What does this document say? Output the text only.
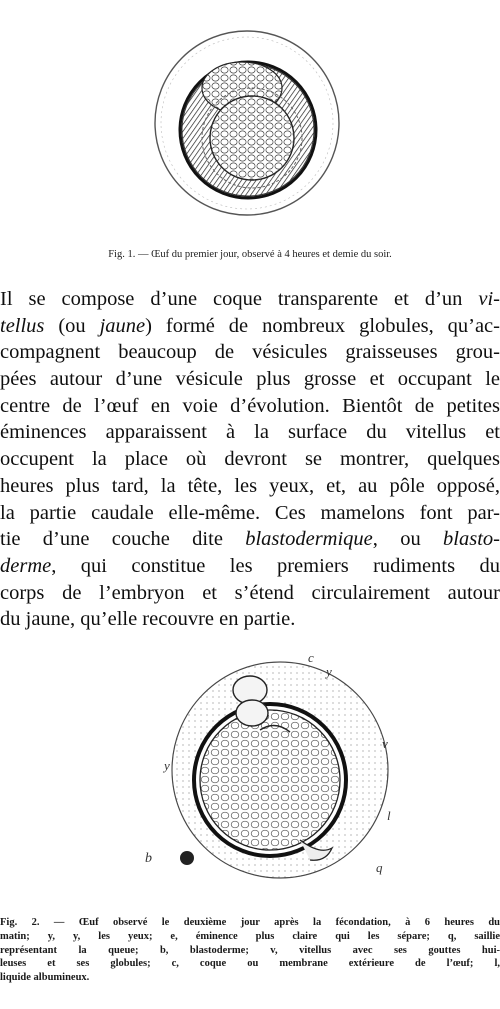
Fig. 1. — Œuf du premier jour, observé à 4 heures et demie du soir.
Il se compose d’une coque transparente et d’un vi-
tellus (ou jaune) formé de nombreux globules, qu’ac-
compagnent beaucoup de vésicules graisseuses grou-
pées autour d’une vésicule plus grosse et occupant le
centre de l’œuf en voie d’évolution. Bientôt de petites
éminences apparaissent à la surface du vitellus et
occupent la place où devront se montrer, quelques
heures plus tard, la tête, les yeux, et, au pôle opposé,
la partie caudale elle-même. Ces mamelons font par-
tie d’une couche dite blastodermique, ou blasto-
derme, qui constitue les premiers rudiments du
corps de l’embryon et s’étend circulairement autour
du jaune, qu’elle recouvre en partie.
c
y
y
v
b
l
q
Fig. 2. — Œuf observé le deuxième jour après la fécondation, à 6 heures du
matin; y, y, les yeux; e, éminence plus claire qui les sépare; q, saillie
représentant la queue; b, blastoderme; v, vitellus avec ses gouttes hui-
leuses et ses globules; c, coque ou membrane extérieure de l’œuf; l,
liquide albumineux.
